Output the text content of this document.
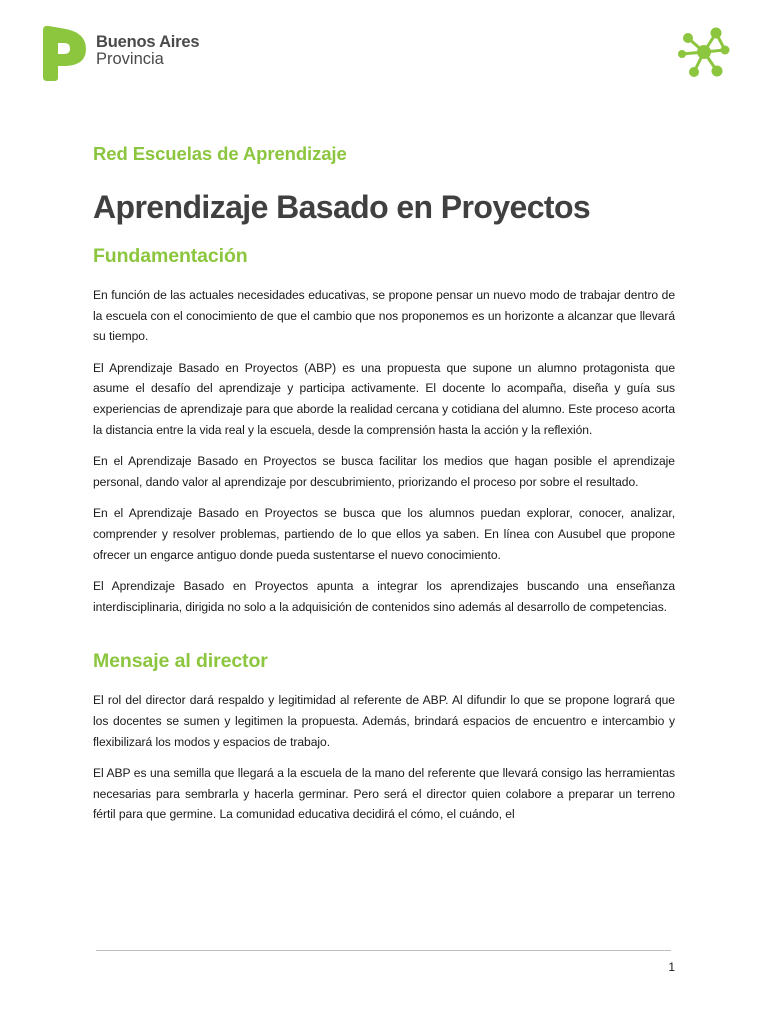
Buenos Aires
Provincia
Red Escuelas de Aprendizaje
Aprendizaje Basado en Proyectos
Fundamentación

En función de las actuales necesidades educativas, se propone pensar un nuevo modo de trabajar dentro de la escuela con el conocimiento de que el cambio que nos proponemos es un horizonte a alcanzar que llevará su tiempo.

El Aprendizaje Basado en Proyectos (ABP) es una propuesta que supone un alumno protagonista que asume el desafío del aprendizaje y participa activamente. El docente lo acompaña, diseña y guía sus experiencias de aprendizaje para que aborde la realidad cercana y cotidiana del alumno. Este proceso acorta la distancia entre la vida real y la escuela, desde la comprensión hasta la acción y la reflexión.

En el Aprendizaje Basado en Proyectos se busca facilitar los medios que hagan posible el aprendizaje personal, dando valor al aprendizaje por descubrimiento, priorizando el proceso por sobre el resultado.

En el Aprendizaje Basado en Proyectos se busca que los alumnos puedan explorar, conocer, analizar, comprender y resolver problemas, partiendo de lo que ellos ya saben. En línea con Ausubel que propone ofrecer un engarce antiguo donde pueda sustentarse el nuevo conocimiento.

El Aprendizaje Basado en Proyectos apunta a integrar los aprendizajes buscando una enseñanza interdisciplinaria, dirigida no solo a la adquisición de contenidos sino además al desarrollo de competencias.

Mensaje al director

El rol del director dará respaldo y legitimidad al referente de ABP. Al difundir lo que se propone logrará que los docentes se sumen y legitimen la propuesta. Además, brindará espacios de encuentro e intercambio y flexibilizará los modos y espacios de trabajo.

El ABP es una semilla que llegará a la escuela de la mano del referente que llevará consigo las herramientas necesarias para sembrarla y hacerla germinar. Pero será el director quien colabore a preparar un terreno fértil para que germine. La comunidad educativa decidirá el cómo, el cuándo, el

1
